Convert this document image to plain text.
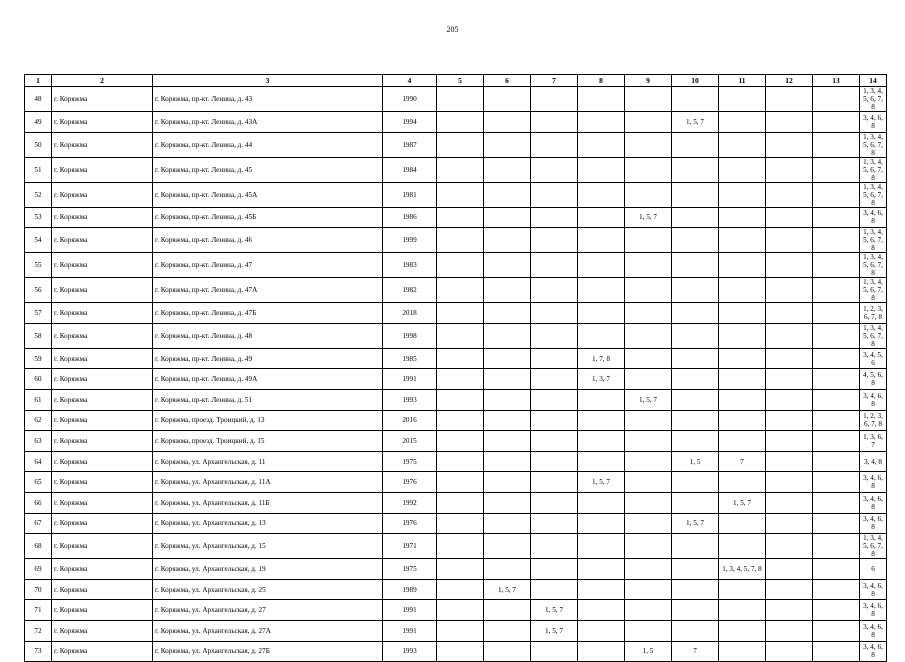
205
1	2	3	4	5	6	7	8	9	10	11	12	13	14
48	г. Коряжма	г. Коряжма, пр-кт. Ленина, д. 43	1990										1, 3, 4, 5, 6, 7, 8
49	г. Коряжма	г. Коряжма, пр-кт. Ленина, д. 43А	1994						1, 5, 7				3, 4, 6, 8
50	г. Коряжма	г. Коряжма, пр-кт. Ленина, д. 44	1987										1, 3, 4, 5, 6, 7, 8
51	г. Коряжма	г. Коряжма, пр-кт. Ленина, д. 45	1984										1, 3, 4, 5, 6, 7, 8
52	г. Коряжма	г. Коряжма, пр-кт. Ленина, д. 45А	1981										1, 3, 4, 5, 6, 7, 8
53	г. Коряжма	г. Коряжма, пр-кт. Ленина, д. 45Б	1986					1, 5, 7					3, 4, 6, 8
54	г. Коряжма	г. Коряжма, пр-кт. Ленина, д. 46	1999										1, 3, 4, 5, 6, 7, 8
55	г. Коряжма	г. Коряжма, пр-кт. Ленина, д. 47	1983										1, 3, 4, 5, 6, 7, 8
56	г. Коряжма	г. Коряжма, пр-кт. Ленина, д. 47А	1982										1, 3, 4, 5, 6, 7, 8
57	г. Коряжма	г. Коряжма, пр-кт. Ленина, д. 47Б	2018										1, 2, 3, 6, 7, 8
58	г. Коряжма	г. Коряжма, пр-кт. Ленина, д. 48	1998										1, 3, 4, 5, 6, 7, 8
59	г. Коряжма	г. Коряжма, пр-кт. Ленина, д. 49	1985				1, 7, 8						3, 4, 5, 6
60	г. Коряжма	г. Коряжма, пр-кт. Ленина, д. 49А	1991				1, 3, 7						4, 5, 6, 8
61	г. Коряжма	г. Коряжма, пр-кт. Ленина, д. 51	1993					1, 5, 7					3, 4, 6, 8
62	г. Коряжма	г. Коряжма, проезд. Троицкий, д. 13	2016										1, 2, 3, 6, 7, 8
63	г. Коряжма	г. Коряжма, проезд. Троицкий, д. 15	2015										1, 3, 6, 7
64	г. Коряжма	г. Коряжма, ул. Архангельская, д. 11	1975						1, 5	7			3, 4, 8
65	г. Коряжма	г. Коряжма, ул. Архангельская, д. 11А	1976				1, 5, 7						3, 4, 6, 8
66	г. Коряжма	г. Коряжма, ул. Архангельская, д. 11Б	1992							1, 5, 7			3, 4, 6, 8
67	г. Коряжма	г. Коряжма, ул. Архангельская, д. 13	1976						1, 5, 7				3, 4, 6, 8
68	г. Коряжма	г. Коряжма, ул. Архангельская, д. 15	1971										1, 3, 4, 5, 6, 7, 8
69	г. Коряжма	г. Коряжма, ул. Архангельская, д. 19	1975							1, 3, 4, 5, 7, 8			6
70	г. Коряжма	г. Коряжма, ул. Архангельская, д. 25	1989		1, 5, 7								3, 4, 6, 8
71	г. Коряжма	г. Коряжма, ул. Архангельская, д. 27	1991			1, 5, 7							3, 4, 6, 8
72	г. Коряжма	г. Коряжма, ул. Архангельская, д. 27А	1991			1, 5, 7							3, 4, 6, 8
73	г. Коряжма	г. Коряжма, ул. Архангельская, д. 27Б	1993					1, 5	7				3, 4, 6, 8
